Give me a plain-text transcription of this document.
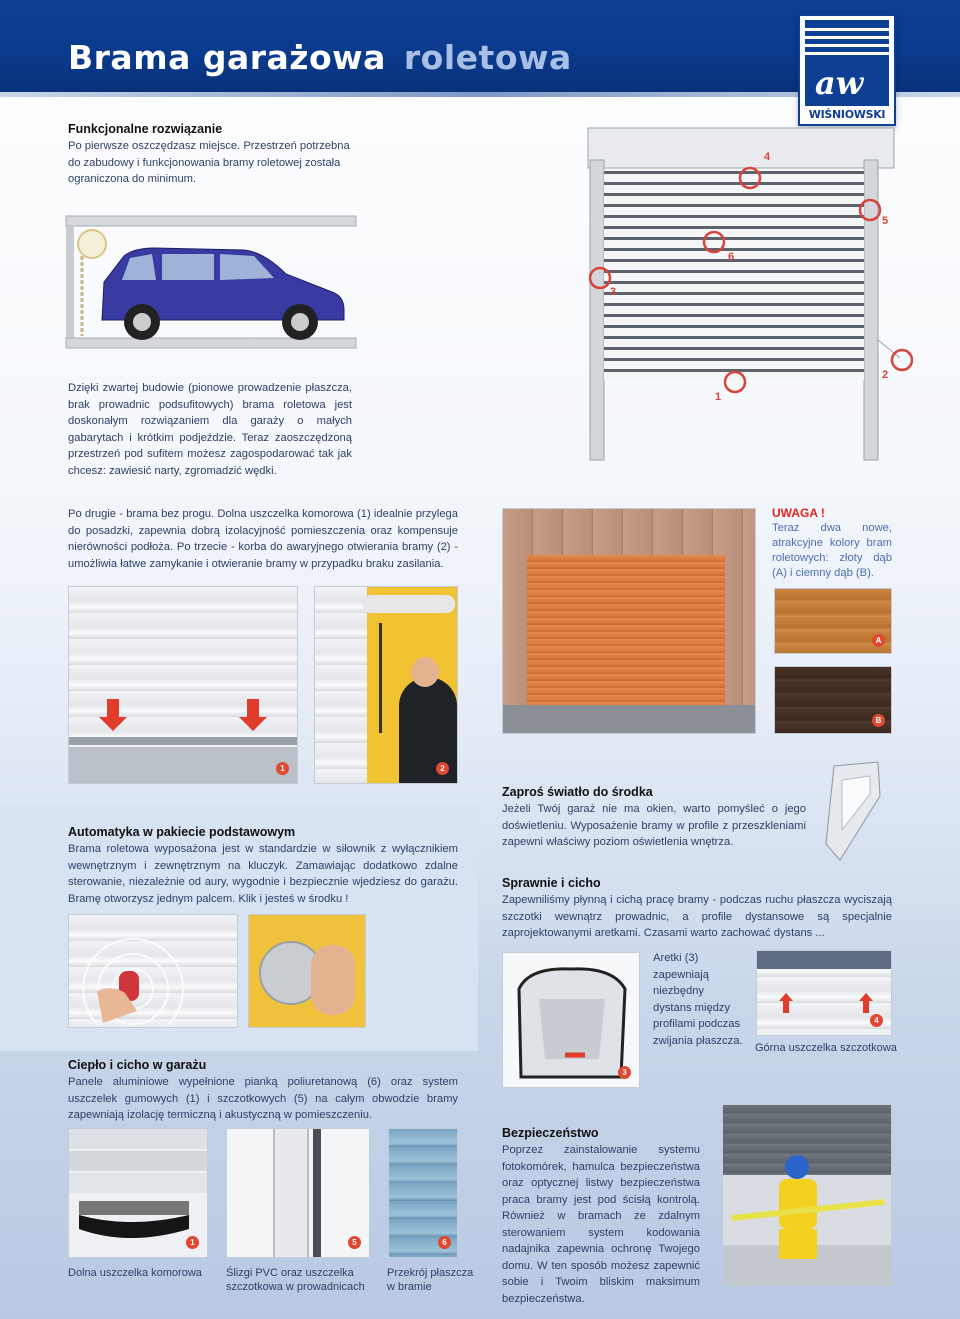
Brama garażowa roletowa
aw
WIŚNIOWSKI
Funkcjonalne rozwiązanie
Po pierwsze oszczędzasz miejsce. Przestrzeń potrzebna do zabudowy i funkcjonowania bramy roletowej została ograniczona do minimum.
Dzięki zwartej budowie (pionowe prowadzenie płaszcza, brak prowadnic podsufitowych) brama roletowa jest doskonałym rozwiązaniem dla garaży o małych gabarytach i krótkim podjeździe. Teraz zaoszczędzoną przestrzeń pod sufitem możesz zagospodarować tak jak chcesz: zawiesić narty, zgromadzić wędki.
4
5
6
3
2
1
Po drugie - brama bez progu. Dolna uszczelka komorowa (1) idealnie przylega do posadzki, zapewnia dobrą izolacyjność pomieszczenia oraz kompensuje nierówności podłoża. Po trzecie - korba do awaryjnego otwierania bramy (2) - umożliwia łatwe zamykanie i otwieranie bramy w przypadku braku zasilania.
UWAGA !
Teraz dwa nowe, atrakcyjne kolory bram roletowych: złoty dąb (A) i ciemny dąb (B).
A
B
1	2
Zaproś światło do środka
Jeżeli Twój garaż nie ma okien, warto pomyśleć o jego doświetleniu. Wyposażenie bramy w profile z przeszkleniami zapewni właściwy poziom oświetlenia wnętrza.
Automatyka w pakiecie podstawowym
Brama roletowa wyposażona jest w standardzie w siłownik z wyłącznikiem wewnętrznym i zewnętrznym na kluczyk. Zamawiając dodatkowo zdalne sterowanie, niezależnie od aury, wygodnie i bezpiecznie wjedziesz do garażu. Bramę otworzysz jednym palcem. Klik i jesteś w środku !
Sprawnie i cicho
Zapewniliśmy płynną i cichą pracę bramy - podczas ruchu płaszcza wyciszają szczotki wewnątrz prowadnic, a profile dystansowe są specjalnie zaprojektowanymi aretkami. Czasami warto zachować dystans ...
3
Aretki (3) zapewniają niezbędny dystans między profilami podczas zwijania płaszcza.
4
Górna uszczelka szczotkowa
Ciepło i cicho w garażu
Panele aluminiowe wypełnione pianką poliuretanową (6) oraz system uszczelek gumowych (1) i szczotkowych (5) na całym obwodzie bramy zapewniają izolację termiczną i akustyczną w pomieszczeniu.
1	5	6
Dolna uszczelka komorowa	Ślizgi PVC oraz uszczelka szczotkowa w prowadnicach
Przekrój płaszcza w bramie
Bezpieczeństwo
Poprzez zainstalowanie systemu fotokomórek, hamulca bezpieczeństwa oraz optycznej listwy bezpieczeństwa praca bramy jest pod ścisłą kontrolą. Również w bramach ze zdalnym sterowaniem system kodowania nadajnika zapewnia ochronę Twojego domu. W ten sposób możesz zapewnić sobie i Twoim bliskim maksimum bezpieczeństwa.
